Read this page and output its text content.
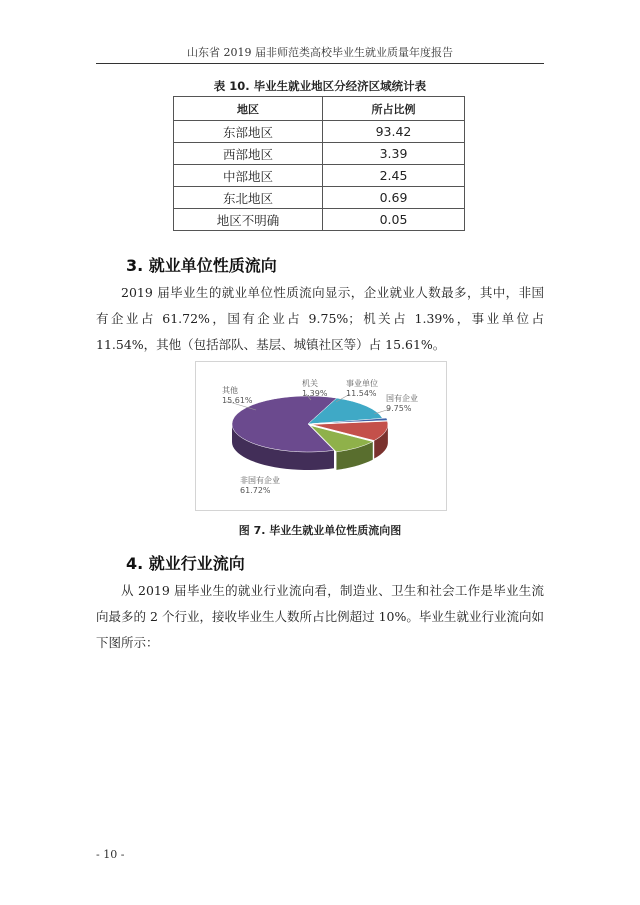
山东省 2019 届非师范类高校毕业生就业质量年度报告
表 10. 毕业生就业地区分经济区域统计表
地区	所占比例
东部地区	93.42
西部地区	3.39
中部地区	2.45
东北地区	0.69
地区不明确	0.05
3. 就业单位性质流向

2019 届毕业生的就业单位性质流向显示，企业就业人数最多，其中，非国有企业占 61.72%，国有企业占 9.75%；机关占 1.39%，事业单位占 11.54%，其他（包括部队、基层、城镇社区等）占 15.61%。

非国有企业
61.72%
其他
15.61%
机关
1.39%
事业单位
11.54%
国有企业
9.75%
图 7. 毕业生就业单位性质流向图
4. 就业行业流向

从 2019 届毕业生的就业行业流向看，制造业、卫生和社会工作是毕业生流向最多的 2 个行业，接收毕业生人数所占比例超过 10%。毕业生就业行业流向如下图所示：

- 10 -
